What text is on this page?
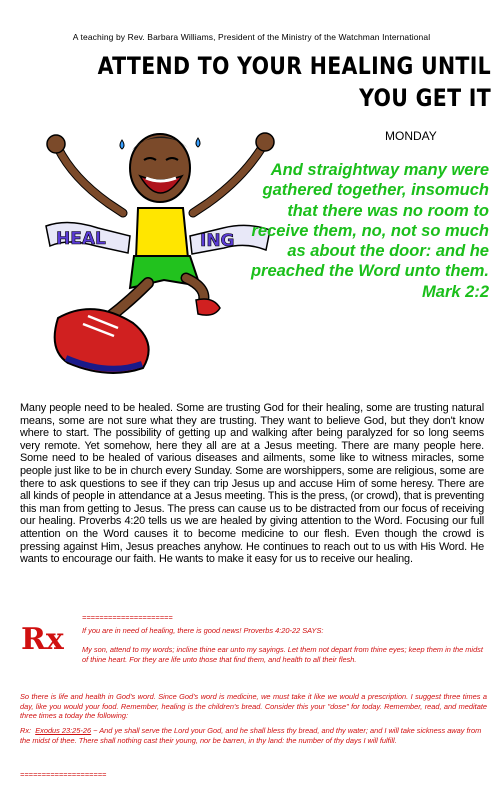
A teaching by Rev. Barbara Williams, President of the Ministry of the Watchman International
ATTEND TO YOUR HEALING UNTIL
YOU GET IT
MONDAY
HEAL	ING
And straightway many were gathered together, insomuch that there was no room to receive them, no, not so much as about the door: and he preached the Word unto them.
Mark 2:2
Many people need to be healed. Some are trusting God for their healing, some are trusting natural means, some are not sure what they are trusting. They want to believe God, but they don't know where to start. The possibility of getting up and walking after being paralyzed for so long seems very remote. Yet somehow, here they all are at a Jesus meeting. There are many people here. Some need to be healed of various diseases and ailments, some like to witness miracles, some people just like to be in church every Sunday. Some are worshippers, some are religious, some are there to ask questions to see if they can trip Jesus up and accuse Him of some heresy. There are all kinds of people in attendance at a Jesus meeting. This is the press, (or crowd), that is preventing this man from getting to Jesus. The press can cause us to be distracted from our focus of receiving our healing. Proverbs 4:20 tells us we are healed by giving attention to the Word. Focusing our full attention on the Word causes it to become medicine to our flesh. Even though the crowd is pressing against Him, Jesus preaches anyhow. He continues to reach out to us with His Word. He wants to encourage our faith. He wants to make it easy for us to receive our healing.
Rx
=====================
If you are in need of healing, there is good news! Proverbs 4:20-22 SAYS:
My son, attend to my words; incline thine ear unto my sayings. Let them not depart from thine eyes; keep them in the midst of thine heart. For they are life unto those that find them, and health to all their flesh.
So there is life and health in God's word. Since God's word is medicine, we must take it like we would a prescription. I suggest three times a day, like you would your food. Remember, healing is the children's bread. Consider this your "dose" for today. Remember, read, and meditate three times a today the following:
Rx: Exodus 23:25-26 ~ And ye shall serve the Lord your God, and he shall bless thy bread, and thy water; and I will take sickness away from the midst of thee. There shall nothing cast their young, nor be barren, in thy land: the number of thy days I will fulfill.
====================
